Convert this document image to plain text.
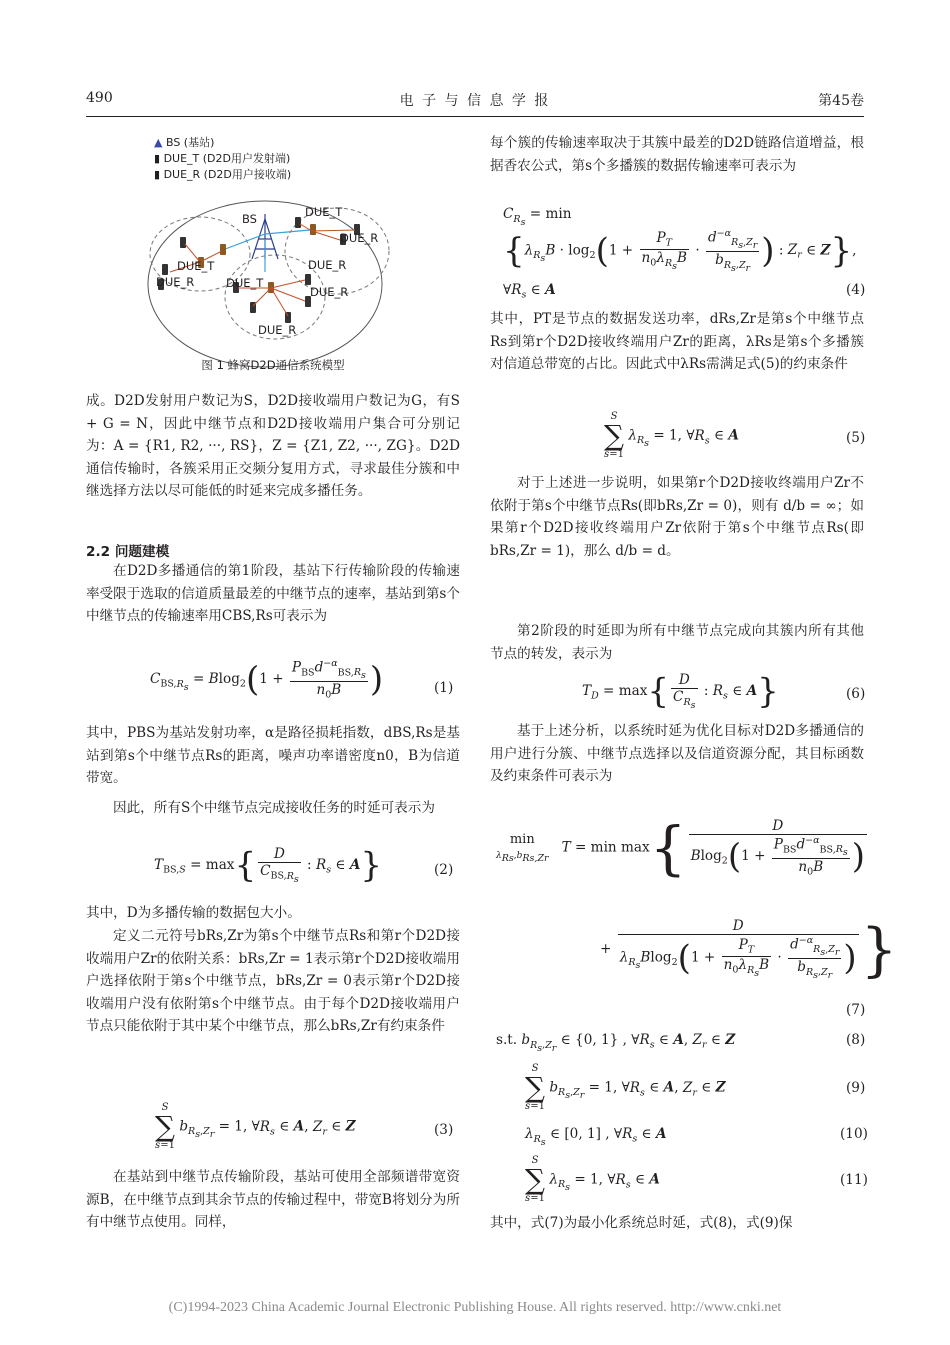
490	电 子 与 信 息 学 报	第45卷
▲ BS (基站)
▮ DUE_T (D2D用户发射端)
▮ DUE_R (D2D用户接收端)
BS	DUE_T
DUE_R
DUE_T
DUE_R	DUE_T
DUE_R
DUE_R
DUE_R
图 1 蜂窝D2D通信系统模型
成。D2D发射用户数记为S，D2D接收端用户数记为G，有S + G = N，因此中继节点和D2D接收端用户集合可分别记为：A = {R1, R2, ···, RS}，Z = {Z1, Z2, ···, ZG}。D2D通信传输时，各簇采用正交频分复用方式，寻求最佳分簇和中继选择方法以尽可能低的时延来完成多播任务。
2.2 问题建模
在D2D多播通信的第1阶段，基站下行传输阶段的传输速率受限于选取的信道质量最差的中继节点的速率，基站到第s个中继节点的传输速率用CBS,Rs可表示为
$C_{BS,R_s} = Blog_2(1 + \frac{P_{BS}d^{-\alpha}_{BS,R_s}}{n_0B}$ )	(1)
其中，PBS为基站发射功率，α是路径损耗指数，dBS,Rs是基站到第s个中继节点Rs的距离，噪声功率谱密度n0，B为信道带宽。
因此，所有S个中继节点完成接收任务的时延可表示为
$T_{BS,S} = \max\{ \frac{D}{C_{BS,R_s}}$ : $R_s$ ∈ A}	(2)
其中，D为多播传输的数据包大小。
定义二元符号bRs,Zr为第s个中继节点Rs和第r个D2D接收端用户Zr的依附关系：bRs,Zr = 1表示第r个D2D接收端用户选择依附于第s个中继节点，bRs,Zr = 0表示第r个D2D接收端用户没有依附第s个中继节点。由于每个D2D接收端用户节点只能依附于其中某个中继节点，那么bRs,Zr有约束条件
S
∑
s=1 $b_{R_s,Z_r} = 1$, $\forall R_s$ ∈ A, $Z_r$ ∈ Z	(3)
在基站到中继节点传输阶段，基站可使用全部频谱带宽资源B，在中继节点到其余节点的传输过程中，带宽B将划分为所有中继节点使用。同样，
每个簇的传输速率取决于其簇中最差的D2D链路信道增益，根据香农公式，第s个多播簇的数据传输速率可表示为
$C_{R_s} = \min$
{$\lambda_{R_s}B \cdot \log_2(1 + \frac{P_T}{n_0\lambda_{R_s}B} \cdot \frac{d^{-\alpha}_{R_s,Z_r}}{b_{R_s,Z_r}}$ ) : $Z_r$ ∈ Z},
$\forall R_s$ ∈ A	(4)
其中，PT是节点的数据发送功率，dRs,Zr是第s个中继节点Rs到第r个D2D接收终端用户Zr的距离，λRs是第s个多播簇对信道总带宽的占比。因此式中λRs需满足式(5)的约束条件
S
∑
s=1 $\lambda_{R_s} = 1$, $\forall R_s$ ∈ A	(5)
对于上述进一步说明，如果第r个D2D接收终端用户Zr不依附于第s个中继节点Rs(即bRs,Zr = 0)，则有 d/b = ∞；如果第r个D2D接收终端用户Zr依附于第s个中继节点Rs(即bRs,Zr = 1)，那么 d/b = d。
第2阶段的时延即为所有中继节点完成向其簇内所有其他节点的转发，表示为
$T_D = \max\{ \frac{D}{C_{R_s}}$ : $R_s$ ∈ A}	(6)
基于上述分析，以系统时延为优化目标对D2D多播通信的用户进行分簇、中继节点选择以及信道资源分配，其目标函数及约束条件可表示为
min
$\lambda_{Rs},b_{Rs,Zr}$   $T = \min \max\{ \frac{D}{Blog_2(1 + \frac{P_{BS}d^{-\alpha}_{BS,R_s}}{n_0B} )}$
+ $\frac{D}{\lambda_{R_s}Blog_2(1 + \frac{P_T}{n_0\lambda_{R_s}B} \cdot \frac{d^{-\alpha}_{R_s,Z_r}}{b_{R_s,Z_r}} )}$ }
(7)
s.t. $b_{R_s,Z_r}$ ∈ {0, 1} , $\forall R_s$ ∈ A, $Z_r$ ∈ Z	(8)
S
∑
s=1 $b_{R_s,Z_r} = 1$, $\forall R_s$ ∈ A, $Z_r$ ∈ Z	(9)
$\lambda_{R_s}$ ∈ [0, 1] , $\forall R_s$ ∈ A	(10)
S
∑
s=1 $\lambda_{R_s} = 1$, $\forall R_s$ ∈ A	(11)
其中，式(7)为最小化系统总时延，式(8)，式(9)保
(C)1994-2023 China Academic Journal Electronic Publishing House. All rights reserved. http://www.cnki.net
